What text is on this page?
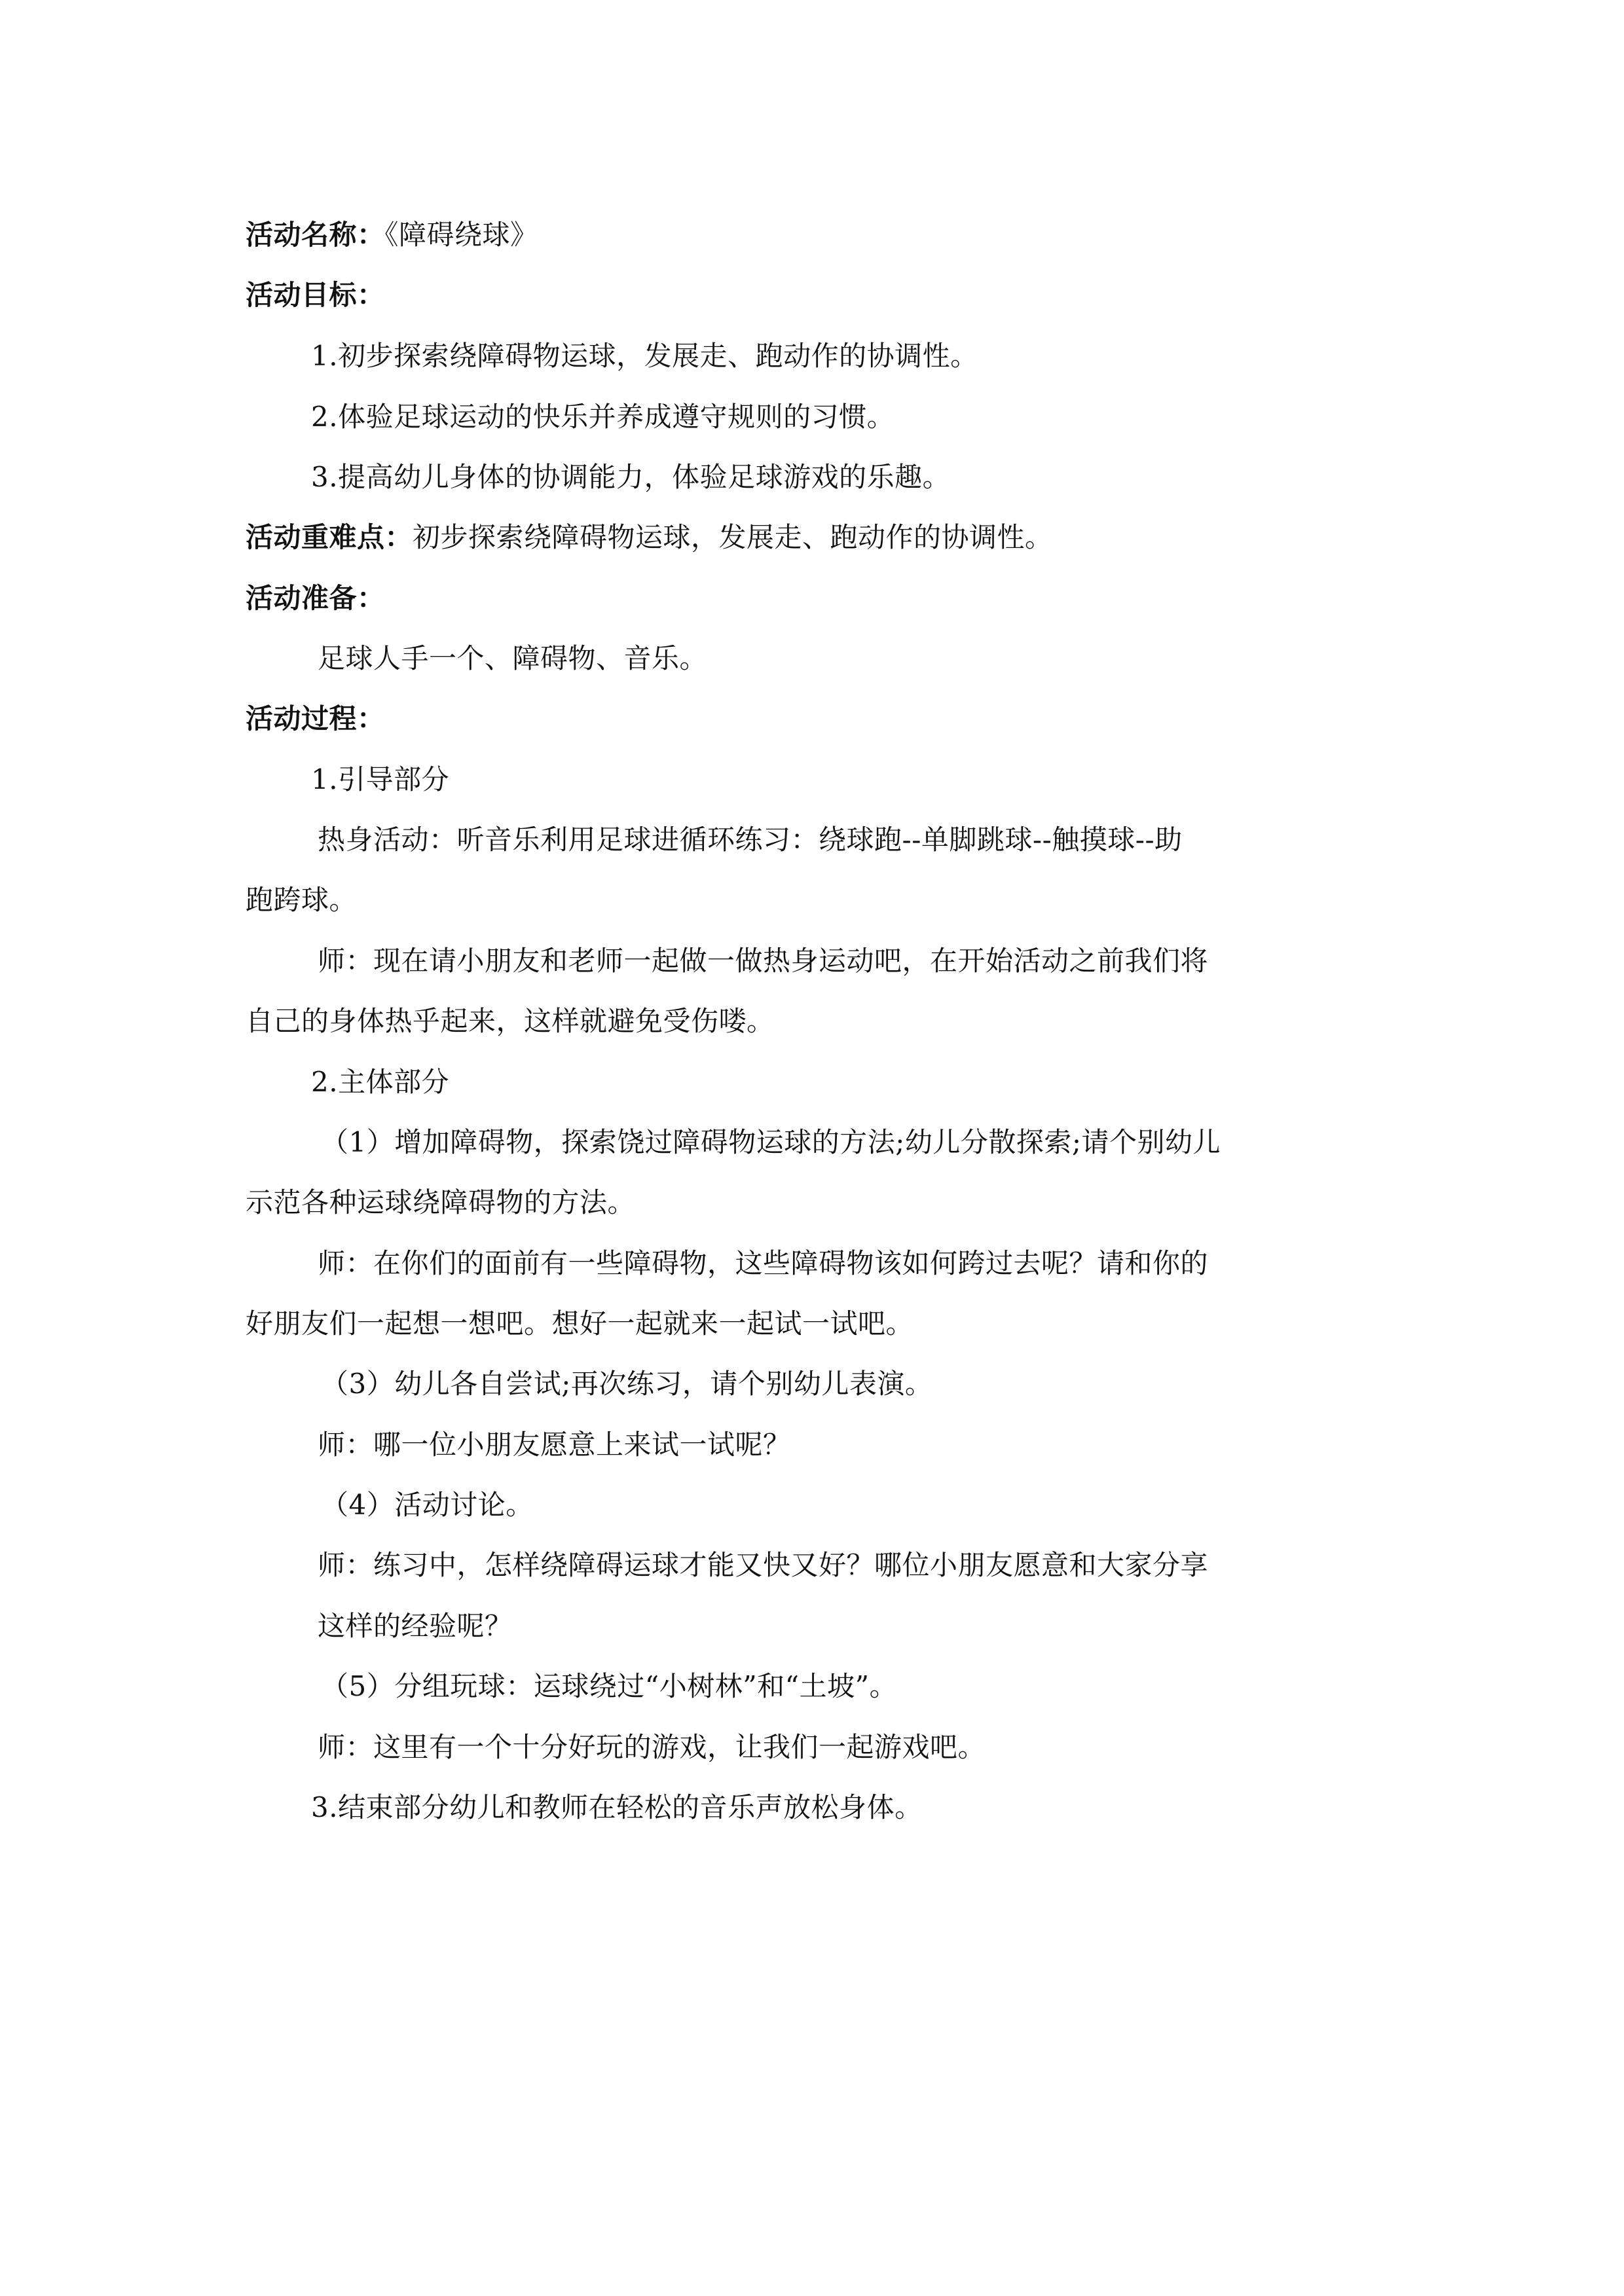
活动名称：《障碍绕球》
活动目标：
1.初步探索绕障碍物运球，发展走、跑动作的协调性。
2.体验足球运动的快乐并养成遵守规则的习惯。
3.提高幼儿身体的协调能力，体验足球游戏的乐趣。
活动重难点：初步探索绕障碍物运球，发展走、跑动作的协调性。
活动准备：
足球人手一个、障碍物、音乐。
活动过程：
1.引导部分
热身活动：听音乐利用足球进循环练习：绕球跑--单脚跳球--触摸球--助
跑跨球。
师：现在请小朋友和老师一起做一做热身运动吧，在开始活动之前我们将
自己的身体热乎起来，这样就避免受伤喽。
2.主体部分
（1）增加障碍物，探索饶过障碍物运球的方法;幼儿分散探索;请个别幼儿
示范各种运球绕障碍物的方法。
师：在你们的面前有一些障碍物，这些障碍物该如何跨过去呢？请和你的
好朋友们一起想一想吧。想好一起就来一起试一试吧。
（3）幼儿各自尝试;再次练习，请个别幼儿表演。
师：哪一位小朋友愿意上来试一试呢？
（4）活动讨论。
师：练习中，怎样绕障碍运球才能又快又好？哪位小朋友愿意和大家分享
这样的经验呢？
（5）分组玩球：运球绕过“小树林”和“土坡”。
师：这里有一个十分好玩的游戏，让我们一起游戏吧。
3.结束部分幼儿和教师在轻松的音乐声放松身体。
